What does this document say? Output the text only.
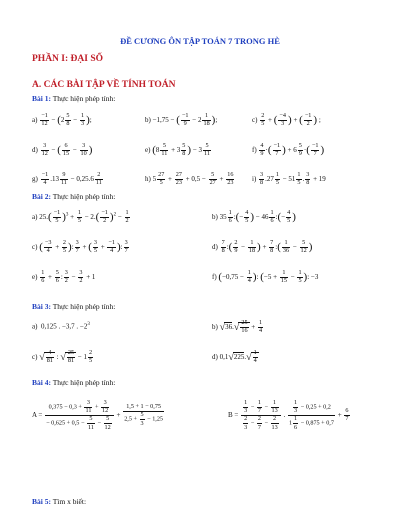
ĐỀ CƯƠNG ÔN TẬP TOÁN 7 TRONG HÈ
PHẦN I: ĐẠI SỐ
A. CÁC BÀI TẬP VỀ TÍNH TOÁN
Bài 1: Thực hiện phép tính:
$a) \frac{-1}{12} - (2 \frac{5}{8} - \frac{1}{3}$ );	b) −1,75 − ( $\frac{-1}{9} - 2 \frac{1}{18}$ );	$c) \frac{2}{5}$ + ( $\frac{-4}{3}$ ) + ( $\frac{-1}{2}$ ) ;
$d) \frac{3}{12}$ − ( $\frac{6}{15} - \frac{3}{10}$ )	e) ($8 \frac{5}{11} + 3 \frac{5}{8}$ ) − $3 \frac{5}{11}$	$f) \frac{4}{9}$ ·( $\frac{-1}{7}$ ) + $6 \frac{5}{9}$ ·( $\frac{-1}{7}$ )
$g) \frac{-1}{4} .13 \frac{9}{11} - 0,25.6 \frac{2}{11}$	h) $5 \frac{27}{5} + \frac{27}{23} + 0,5 - \frac{5}{27} + \frac{16}{23}$	$i) \frac{3}{8} .27 \frac{1}{5} - 51 \frac{1}{5}$ . $\frac{3}{8} + 19$
Bài 2: Thực hiện phép tính:
a) $25.( \frac{-1}{5} )^3 + \frac{1}{5} - 2.( \frac{-1}{2} )^2 - \frac{1}{2}$	b) $35 \frac{1}{6}$ :(− $\frac{4}{5}$ ) − $46 \frac{1}{6}$ :(− $\frac{4}{5}$ )
c) ( $\frac{-3}{4} + \frac{2}{5}$ ): $\frac{3}{7}$ + ( $\frac{3}{5} + \frac{-1}{4}$ ): $\frac{3}{7}$	$d) \frac{7}{8}$ :( $\frac{2}{9} - \frac{1}{18}$ ) + $\frac{7}{8}$ :( $\frac{1}{36} - \frac{5}{12}$ )
$e) \frac{1}{6} + \frac{5}{6}$ : $\frac{3}{2} - \frac{3}{2} + 1$	f) ($-0,75 - \frac{1}{4}$ ): ($-5 + \frac{1}{15} - \frac{1}{5}$ ): −3
Bài 3: Thực hiện phép tính:
a)  0,125 . −3,7 . $-2^3$	b) $√36.√ \frac{25}{16} + \frac{1}{4}$
c) √ $\frac{4}{81}$ : √ $\frac{25}{81} - 1 \frac{2}{5}$	d) $0,1√225.√ \frac{1}{4}$
Bài 4: Thực hiện phép tính:
$A = \frac{0,375 - 0,3 + \frac{3}{11} + \frac{3}{12}}{- 0,625 + 0,5 - \frac{5}{11} - \frac{5}{12}} + \frac{1,5 + 1 - 0,75}{2,5 + \frac{5}{3} - 1,25}$	$B = \frac{\frac{1}{3} - \frac{1}{7} - \frac{1}{13}}{\frac{2}{3} - \frac{2}{7} - \frac{2}{13}}$ . $\frac{\frac{1}{3} - 0,25 + 0,2}{1 \frac{1}{6} - 0,875 + 0,7} + \frac{6}{7}$
Bài 5: Tìm x biết:
